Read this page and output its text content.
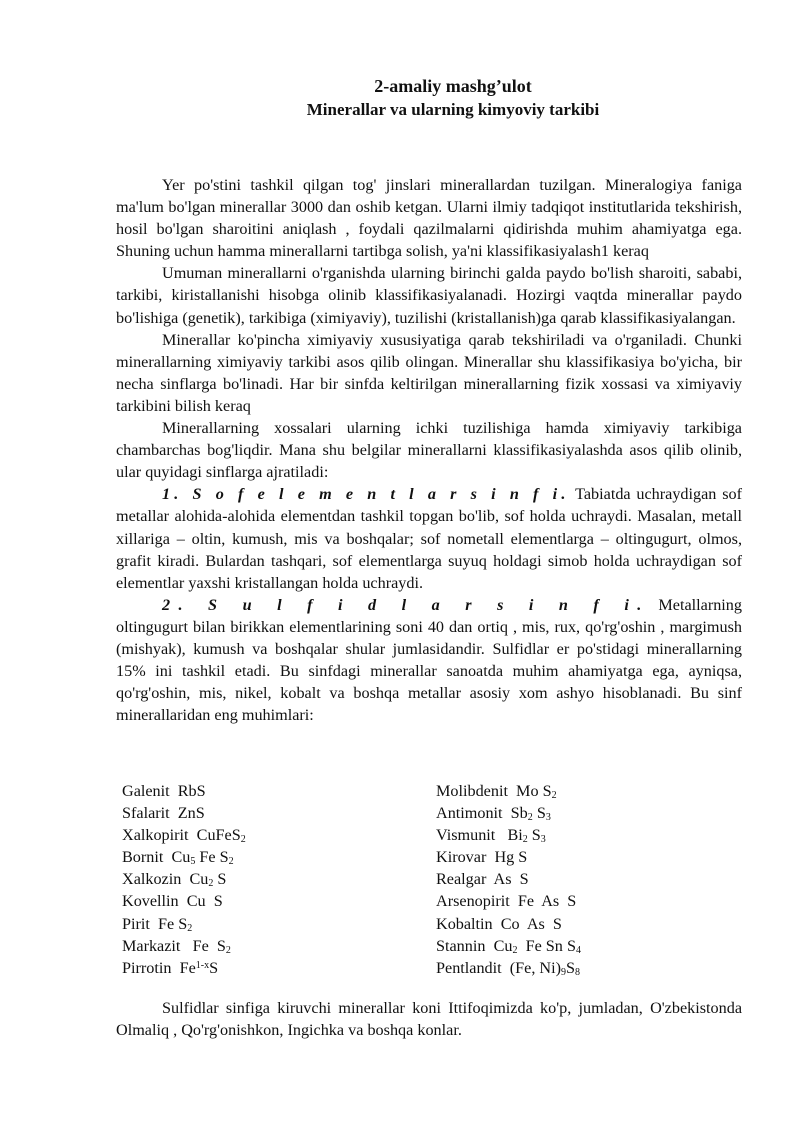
2-amaliy mashg’ulot
Minerallar va ularning kimyoviy tarkibi

Yer po'stini tashkil qilgan tog' jinslari minerallardan tuzilgan. Mineralogiya faniga ma'lum bo'lgan minerallar 3000 dan oshib ketgan. Ularni ilmiy tadqiqot institutlarida tekshirish, hosil bo'lgan sharoitini aniqlash , foydali qazilmalarni qidirishda muhim ahamiyatga ega. Shuning uchun hamma minerallarni tartibga solish, ya'ni klassifikasiyalash1 keraq

Umuman minerallarni o'rganishda ularning birinchi galda paydo bo'lish sharoiti, sababi, tarkibi, kiristallanishi hisobga olinib klassifikasiyalanadi. Hozirgi vaqtda minerallar paydo bo'lishiga (genetik), tarkibiga (ximiyaviy), tuzilishi (kristallanish)ga qarab klassifikasiyalangan.

Minerallar ko'pincha ximiyaviy xususiyatiga qarab tekshiriladi va o'rganiladi. Chunki minerallarning ximiyaviy tarkibi asos qilib olingan. Minerallar shu klassifikasiya bo'yicha, bir necha sinflarga bo'linadi. Har bir sinfda keltirilgan minerallarning fizik xossasi va ximiyaviy tarkibini bilish keraq

Minerallarning xossalari ularning ichki tuzilishiga hamda ximiyaviy tarkibiga chambarchas bog'liqdir. Mana shu belgilar minerallarni klassifikasiyalashda asos qilib olinib, ular quyidagi sinflarga ajratiladi:

1. S o f e l e m e n t l a r s i n f i. Tabiatda uchraydigan sof metallar alohida-alohida elementdan tashkil topgan bo'lib, sof holda uchraydi. Masalan, metall xillariga – oltin, kumush, mis va boshqalar; sof nometall elementlarga – oltingugurt, olmos, grafit kiradi. Bulardan tashqari, sof elementlarga suyuq holdagi simob holda uchraydigan sof elementlar yaxshi kristallangan holda uchraydi.

2. S u l f i d l a r s i n f i. Metallarning oltingugurt bilan birikkan elementlarining soni 40 dan ortiq , mis, rux, qo'rg'oshin , margimush (mishyak), kumush va boshqalar shular jumlasidandir. Sulfidlar er po'stidagi minerallarning 15% ini tashkil etadi. Bu sinfdagi minerallar sanoatda muhim ahamiyatga ega, ayniqsa, qo'rg'oshin, mis, nikel, kobalt va boshqa metallar asosiy xom ashyo hisoblanadi. Bu sinf minerallaridan eng muhimlari:

Galenit  RbS
Sfalarit  ZnS
Xalkopirit  CuFeS$_2$
Bornit  $Cu_5$ Fe $S_2$
Xalkozin  $Cu_2$ S
Kovellin  Cu  S
Pirit  Fe $S_2$
Markazit   Fe  $S_2$
Pirrotin  Fe$^{1-x}$S
Molibdenit  Mo $S_2$
Antimonit  $Sb_2$ $S_3$
Vismunit   $Bi_2$ $S_3$
Kirovar  Hg S
Realgar  As  S
Arsenopirit  Fe  As  S
Kobaltin  Co  As  S
Stannin  $Cu_2$  Fe Sn $S_4$
Pentlandit  (Fe, $Ni)_9S_8$

Sulfidlar sinfiga kiruvchi minerallar koni Ittifoqimizda ko'p, jumladan, O'zbekistonda Olmaliq , Qo'rg'onishkon, Ingichka va boshqa konlar.
